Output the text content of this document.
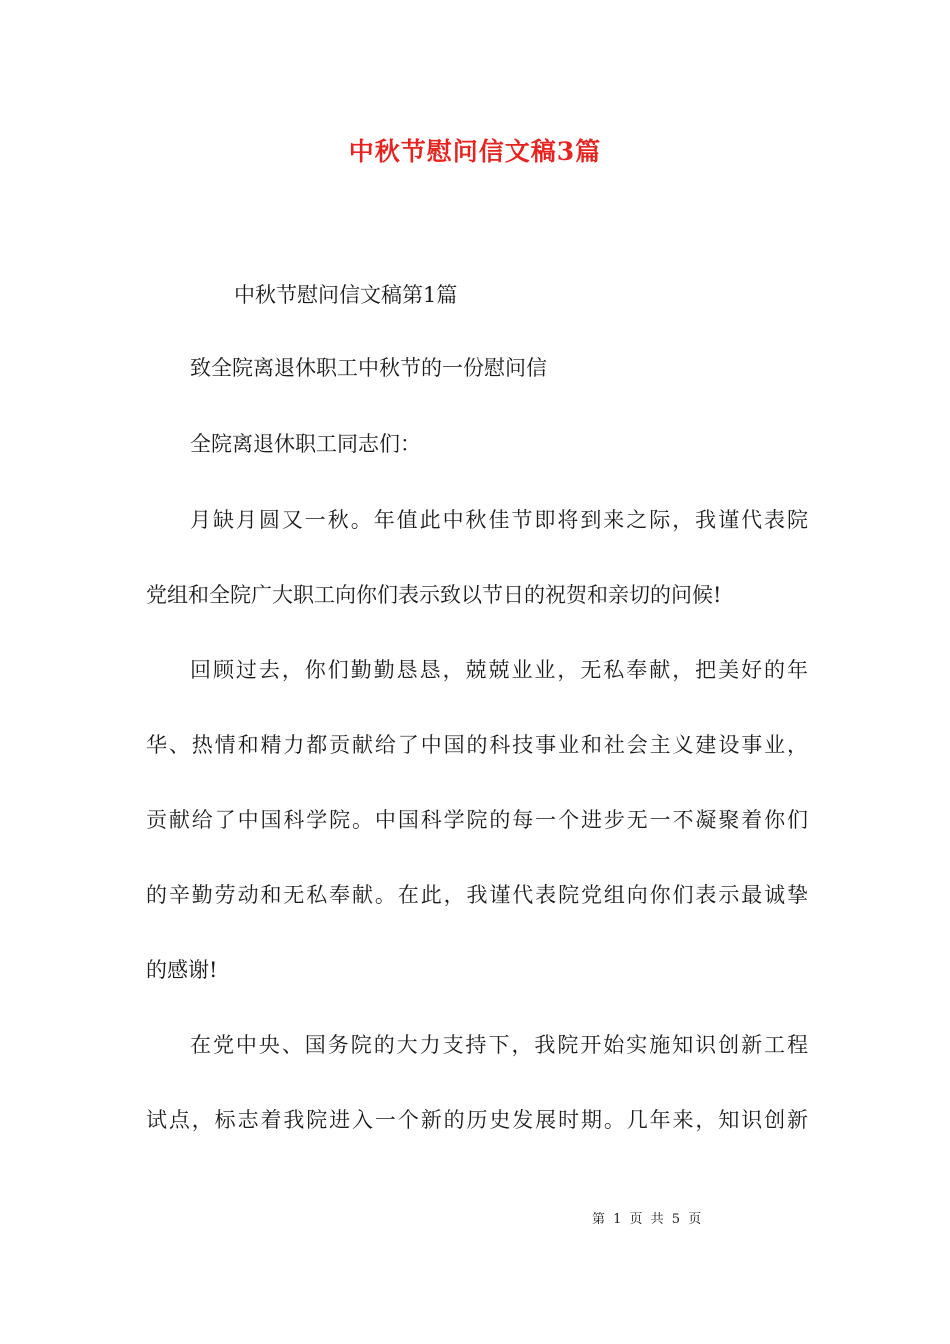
中秋节慰问信文稿3篇

中秋节慰问信文稿第1篇

致全院离退休职工中秋节的一份慰问信

全院离退休职工同志们：

月缺月圆又一秋。年值此中秋佳节即将到来之际，我谨代表院

党组和全院广大职工向你们表示致以节日的祝贺和亲切的问候!

回顾过去，你们勤勤恳恳，兢兢业业，无私奉献，把美好的年

华、热情和精力都贡献给了中国的科技事业和社会主义建设事业，

贡献给了中国科学院。中国科学院的每一个进步无一不凝聚着你们

的辛勤劳动和无私奉献。在此，我谨代表院党组向你们表示最诚挚

的感谢!

在党中央、国务院的大力支持下，我院开始实施知识创新工程

试点，标志着我院进入一个新的历史发展时期。几年来，知识创新

第 1 页 共 5 页
